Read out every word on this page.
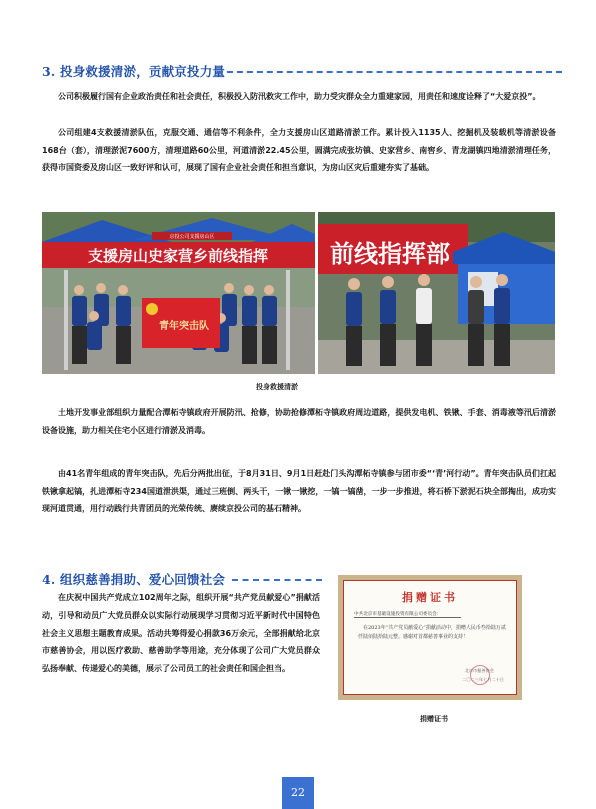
3. 投身救援清淤，贡献京投力量
公司积极履行国有企业政治责任和社会责任，积极投入防汛救灾工作中，助力受灾群众全力重建家园，用责任和速度诠释了“大爱京投”。
公司组建4支救援清淤队伍，克服交通、通信等不利条件，全力支援房山区道路清淤工作。累计投入1135人、挖掘机及装载机等清淤设备168台（套），清理淤泥7600方，清理道路60公里，河道清淤22.45公里，圆满完成张坊镇、史家营乡、南窖乡、青龙湖镇四地清淤清理任务，获得市国资委及房山区一致好评和认可，展现了国有企业社会责任和担当意识，为房山区灾后重建夯实了基础。
京投公司支援房山区
支援房山史家营乡前线指挥
青年突击队
前线指挥部
投身救援清淤
土地开发事业部组织力量配合潭柘寺镇政府开展防汛、抢修，协助抢修潭柘寺镇政府周边道路，提供发电机、铁锹、手套、消毒液等汛后清淤设备设施，助力相关住宅小区进行清淤及消毒。
由41名青年组成的青年突击队，先后分两批出征，于8月31日、9月1日赶赴门头沟潭柘寺镇参与团市委“‘青’河行动”。青年突击队员们扛起铁锹拿起镐，扎进潭柘寺234国道泄洪渠，通过三班倒、两头干，一锹一锹挖，一镐一镐凿，一步一步推进，将石桥下淤泥石块全部掏出，成功实现河道贯通，用行动践行共青团员的光荣传统、赓续京投公司的基石精神。
4. 组织慈善捐助、爱心回馈社会
在庆祝中国共产党成立102周年之际，组织开展“共产党员献爱心”捐献活动，引导和动员广大党员群众以实际行动展现学习贯彻习近平新时代中国特色社会主义思想主题教育成果。活动共筹得爱心捐款36万余元，全部捐献给北京市慈善协会，用以医疗救助、慈善助学等用途，充分体现了公司广大党员群众弘扬奉献、传递爱心的美德，展示了公司员工的社会责任和国企担当。
捐赠证书
中共北京市基础设施投资有限公司委员会：
在2023年“共产党员献爱心”捐献活动中，捐赠人民币叁拾陆万贰仟陆佰陆拾陆元整。感谢对首都慈善事业的支持！
北京市慈善协会
二〇二三年七月二十日
捐赠证书
22
